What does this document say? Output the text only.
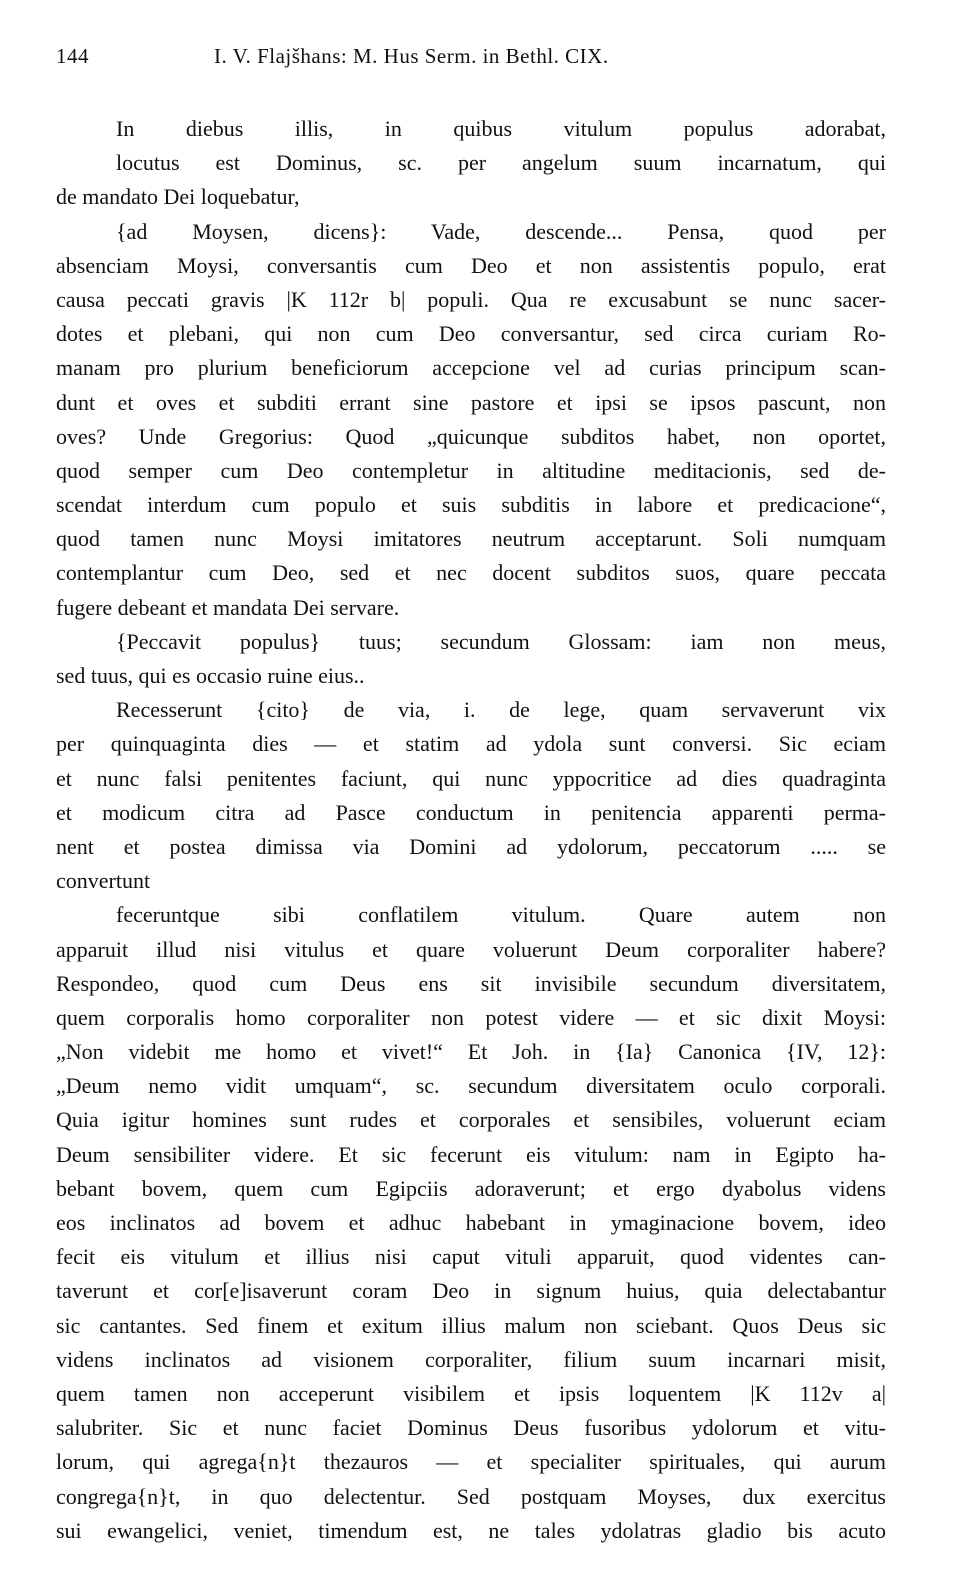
144	I. V. Flajšhans: M. Hus Serm. in Bethl. CIX.
In diebus illis, in quibus vitulum populus adorabat,
locutus est Dominus, sc. per angelum suum incarnatum, qui
de mandato Dei loquebatur,
{ad Moysen, dicens}: Vade, descende... Pensa, quod per
absenciam Moysi, conversantis cum Deo et non assistentis populo, erat
causa peccati gravis |K 112r b| populi. Qua re excusabunt se nunc sacer-
dotes et plebani, qui non cum Deo conversantur, sed circa curiam Ro-
manam pro plurium beneficiorum accepcione vel ad curias principum scan-
dunt et oves et subditi errant sine pastore et ipsi se ipsos pascunt, non
oves? Unde Gregorius: Quod „quicunque subditos habet, non oportet,
quod semper cum Deo contempletur in altitudine meditacionis, sed de-
scendat interdum cum populo et suis subditis in labore et predicacione“,
quod tamen nunc Moysi imitatores neutrum acceptarunt. Soli numquam
contemplantur cum Deo, sed et nec docent subditos suos, quare peccata
fugere debeant et mandata Dei servare.
{Peccavit populus} tuus; secundum Glossam: iam non meus,
sed tuus, qui es occasio ruine eius..
Recesserunt {cito} de via, i. de lege, quam servaverunt vix
per quinquaginta dies — et statim ad ydola sunt conversi. Sic eciam
et nunc falsi penitentes faciunt, qui nunc yppocritice ad dies quadraginta
et modicum citra ad Pasce conductum in penitencia apparenti perma-
nent et postea dimissa via Domini ad ydolorum, peccatorum ..... se
convertunt
feceruntque sibi conflatilem vitulum. Quare autem non
apparuit illud nisi vitulus et quare voluerunt Deum corporaliter habere?
Respondeo, quod cum Deus ens sit invisibile secundum diversitatem,
quem corporalis homo corporaliter non potest videre — et sic dixit Moysi:
„Non videbit me homo et vivet!“ Et Joh. in {Ia} Canonica {IV, 12}:
„Deum nemo vidit umquam“, sc. secundum diversitatem oculo corporali.
Quia igitur homines sunt rudes et corporales et sensibiles, voluerunt eciam
Deum sensibiliter videre. Et sic fecerunt eis vitulum: nam in Egipto ha-
bebant bovem, quem cum Egipciis adoraverunt; et ergo dyabolus videns
eos inclinatos ad bovem et adhuc habebant in ymaginacione bovem, ideo
fecit eis vitulum et illius nisi caput vituli apparuit, quod videntes can-
taverunt et cor[e]isaverunt coram Deo in signum huius, quia delectabantur
sic cantantes. Sed finem et exitum illius malum non sciebant. Quos Deus sic
videns inclinatos ad visionem corporaliter, filium suum incarnari misit,
quem tamen non acceperunt visibilem et ipsis loquentem |K 112v a|
salubriter. Sic et nunc faciet Dominus Deus fusoribus ydolorum et vitu-
lorum, qui agrega{n}t thezauros — et specialiter spirituales, qui aurum
congrega{n}t, in quo delectentur. Sed postquam Moyses, dux exercitus
sui ewangelici, veniet, timendum est, ne tales ydolatras gladio bis acuto
